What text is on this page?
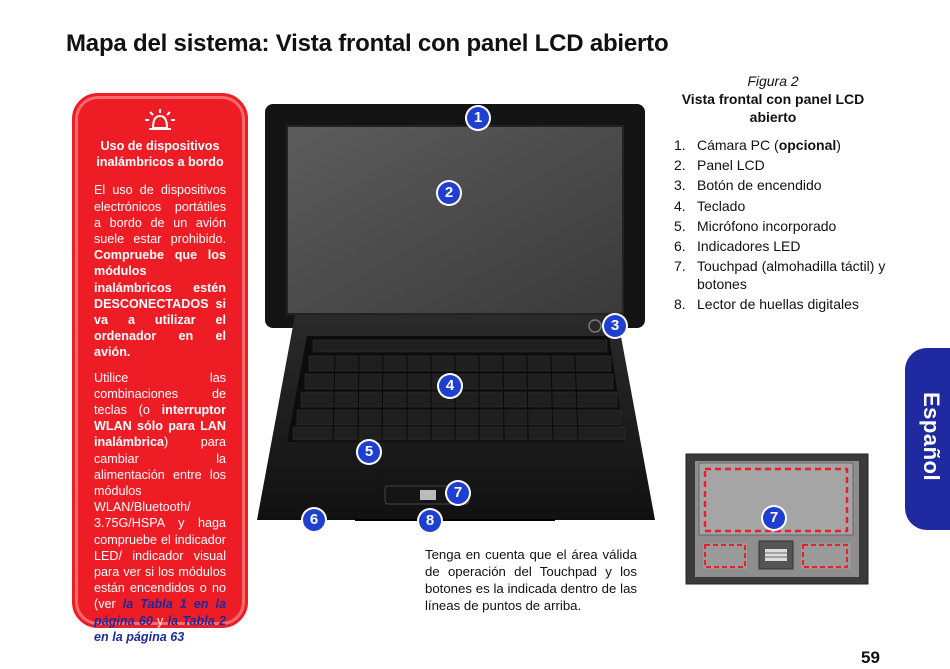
Mapa del sistema: Vista frontal con panel LCD abierto
Uso de dispositivos inalámbricos a bordo

El uso de dispositivos electrónicos portátiles a bordo de un avión suele estar prohibido. Compruebe que los módulos inalámbricos estén DESCONECTADOS si va a utilizar el ordenador en el avión.

Utilice las combinaciones de teclas (o interruptor WLAN sólo para LAN inalámbrica) para cambiar la alimentación entre los módulos WLAN/Bluetooth/ 3.75G/HSPA y haga compruebe el indicador LED/ indicador visual para ver si los módulos están encendidos o no (ver la Tabla 1 en la página 60 y la Tabla 2 en la página 63).

1
2
3
4
5
6
7
8
Figura 2
Vista frontal con panel LCD abierto
1. Cámara PC (opcional)
2. Panel LCD
3. Botón de encendido
4. Teclado
5. Micrófono incorporado
6. Indicadores LED
7. Touchpad (almohadilla táctil) y botones
8. Lector de huellas digitales
7
Tenga en cuenta que el área válida de operación del Touchpad y los botones es la indicada dentro de las líneas de puntos de arriba.
Español
59
